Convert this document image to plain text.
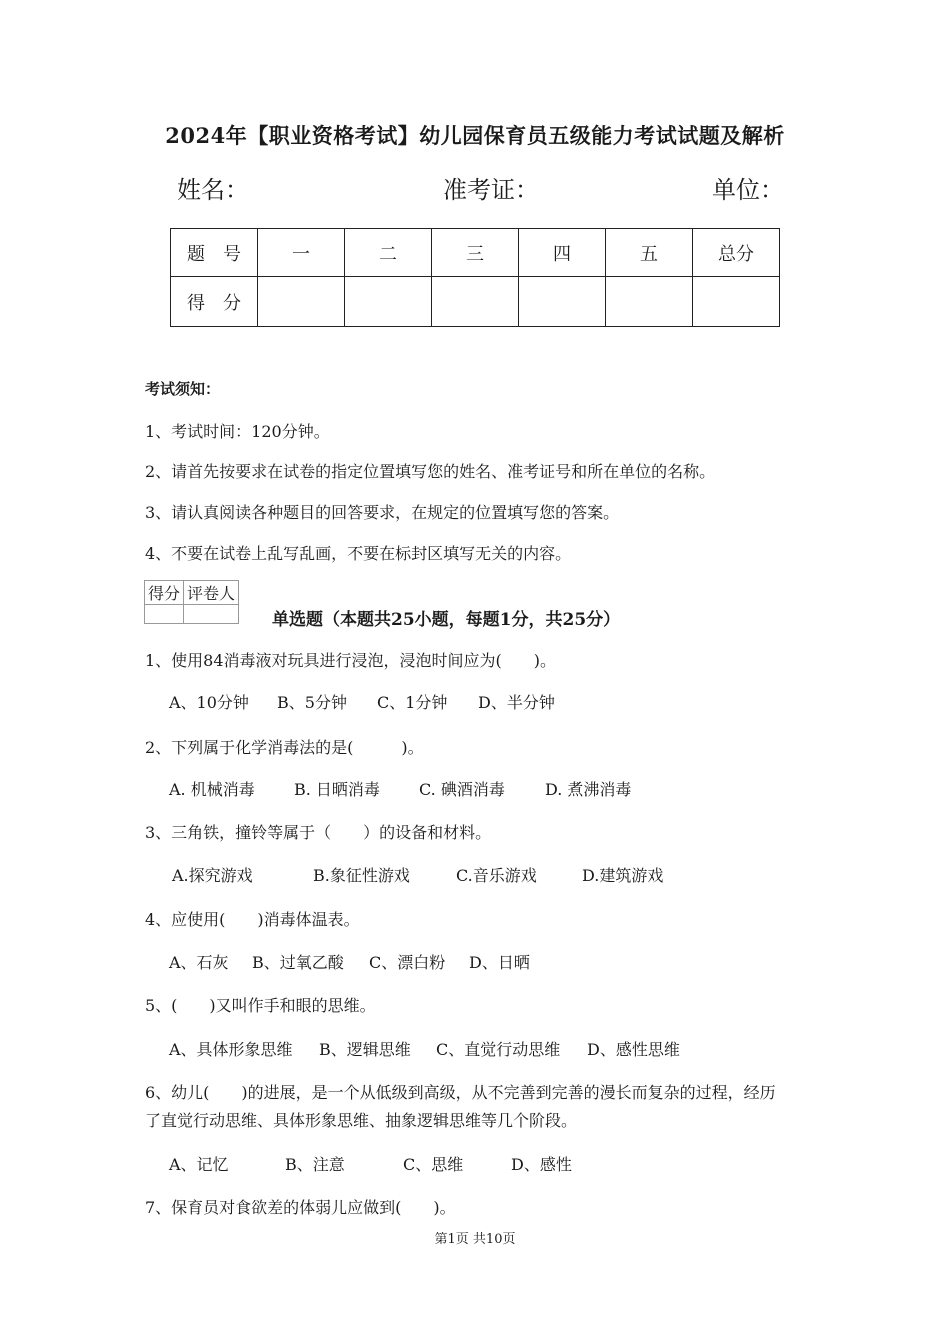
2024年【职业资格考试】幼儿园保育员五级能力考试试题及解析
姓名：	准考证：	单位：
题　号	一	二	三	四	五	总分
得　分						
考试须知：
1、考试时间：120分钟。
2、请首先按要求在试卷的指定位置填写您的姓名、准考证号和所在单位的名称。
3、请认真阅读各种题目的回答要求，在规定的位置填写您的答案。
4、不要在试卷上乱写乱画，不要在标封区填写无关的内容。
得分	评卷人

单选题（本题共25小题，每题1分，共25分）
1、使用84消毒液对玩具进行浸泡，浸泡时间应为(　　)。
A、10分钟 B、5分钟 C、1分钟 D、半分钟
2、下列属于化学消毒法的是(　　　)。
A. 机械消毒 B. 日晒消毒 C. 碘酒消毒	D. 煮沸消毒
3、三角铁，撞铃等属于（　　）的设备和材料。
A.探究游戏	B.象征性游戏	C.音乐游戏	D.建筑游戏
4、应使用(　　)消毒体温表。
A、石灰 B、过氧乙酸 C、漂白粉 D、日晒
5、(　　)又叫作手和眼的思维。
A、具体形象思维 B、逻辑思维 C、直觉行动思维 D、感性思维
6、幼儿(　　)的进展，是一个从低级到高级，从不完善到完善的漫长而复杂的过程，经历
了直觉行动思维、具体形象思维、抽象逻辑思维等几个阶段。
A、记忆	B、注意	C、思维	D、感性
7、保育员对食欲差的体弱儿应做到(　　)。
第1页 共10页
